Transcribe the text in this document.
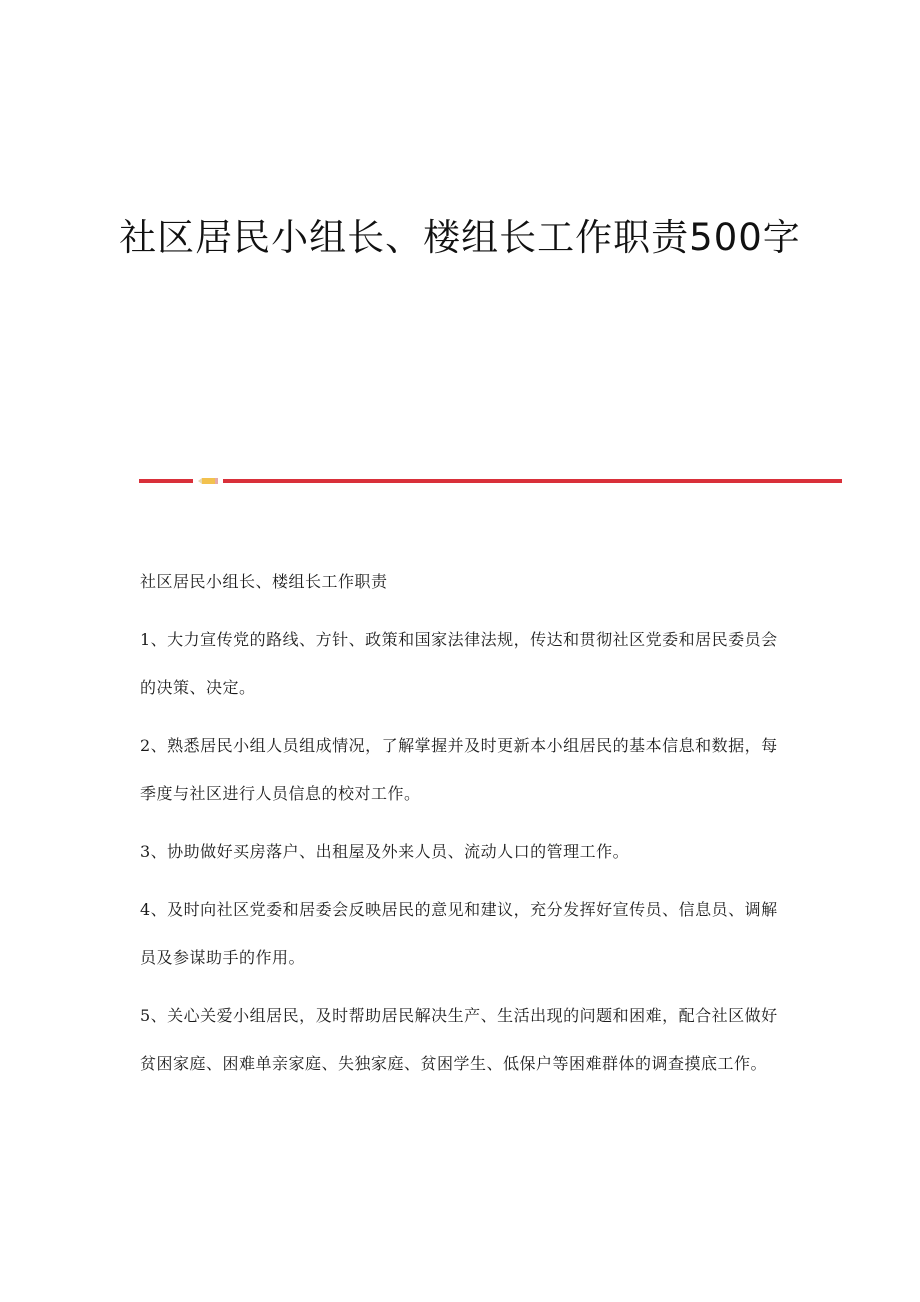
社区居民小组长、楼组长工作职责500字

社区居民小组长、楼组长工作职责

1、大力宣传党的路线、方针、政策和国家法律法规，传达和贯彻社区党委和居民委员会的决策、决定。

2、熟悉居民小组人员组成情况，了解掌握并及时更新本小组居民的基本信息和数据，每季度与社区进行人员信息的校对工作。

3、协助做好买房落户、出租屋及外来人员、流动人口的管理工作。

4、及时向社区党委和居委会反映居民的意见和建议，充分发挥好宣传员、信息员、调解员及参谋助手的作用。

5、关心关爱小组居民，及时帮助居民解决生产、生活出现的问题和困难，配合社区做好贫困家庭、困难单亲家庭、失独家庭、贫困学生、低保户等困难群体的调查摸底工作。
